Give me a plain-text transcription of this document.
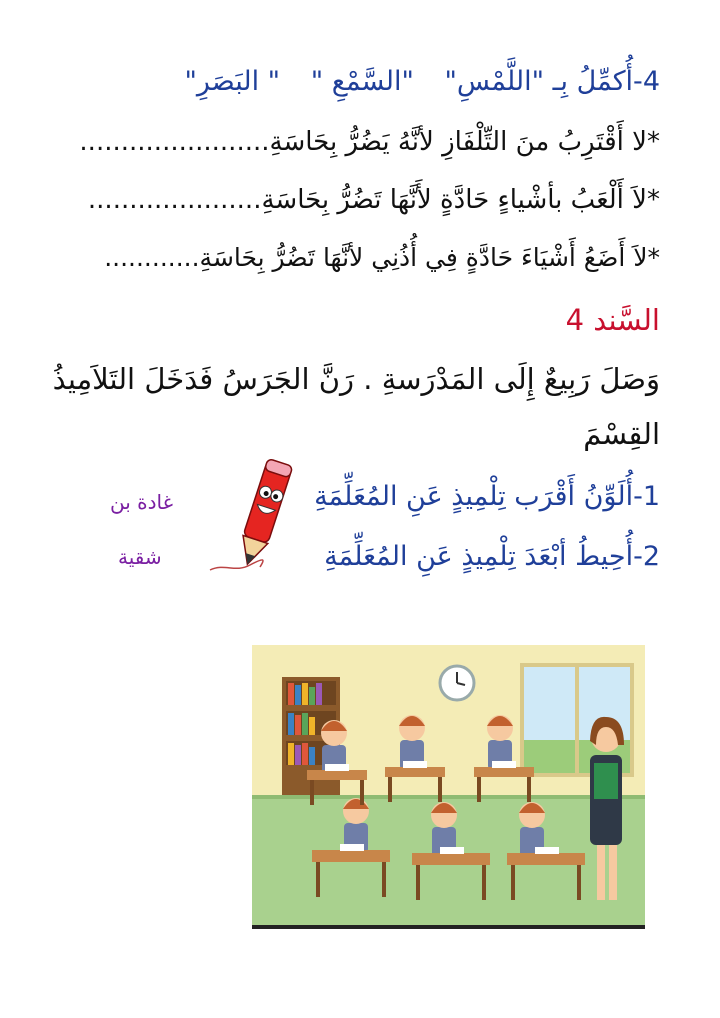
4-أُكمِّلُ بِـ "اللَّمْسِ" "السَّمْعِ " " البَصَرِ"
*لا أَقْتَرِبُ منَ التِّلْفَازِ لأنَّهُ يَضُرُّ بِحَاسَةِ.......................
*لاَ أَلْعَبُ بأشْياءٍ حَادَّةٍ لأَنَّهَا تَضُرُّ بِحَاسَةِ.....................
*لاَ أَضَعُ أَشْيَاءَ حَادَّةٍ فِي أُذُنِي لأنَّهَا تَضُرُّ بِحَاسَةِ............
السَّند 4
وَصَلَ رَبِيعٌ إِلَى المَدْرَسةِ . رَنَّ الجَرَسُ فَدَخَلَ التَلاَمِيذُ
القِسْمَ
1-أُلَوِّنُ أَقْرَب تِلْمِيذٍ عَنِ المُعَلِّمَةِ
2-أُحِيطُ أبْعَدَ تِلْمِيذٍ عَنِ المُعَلِّمَةِ
غادة بن
شقية
